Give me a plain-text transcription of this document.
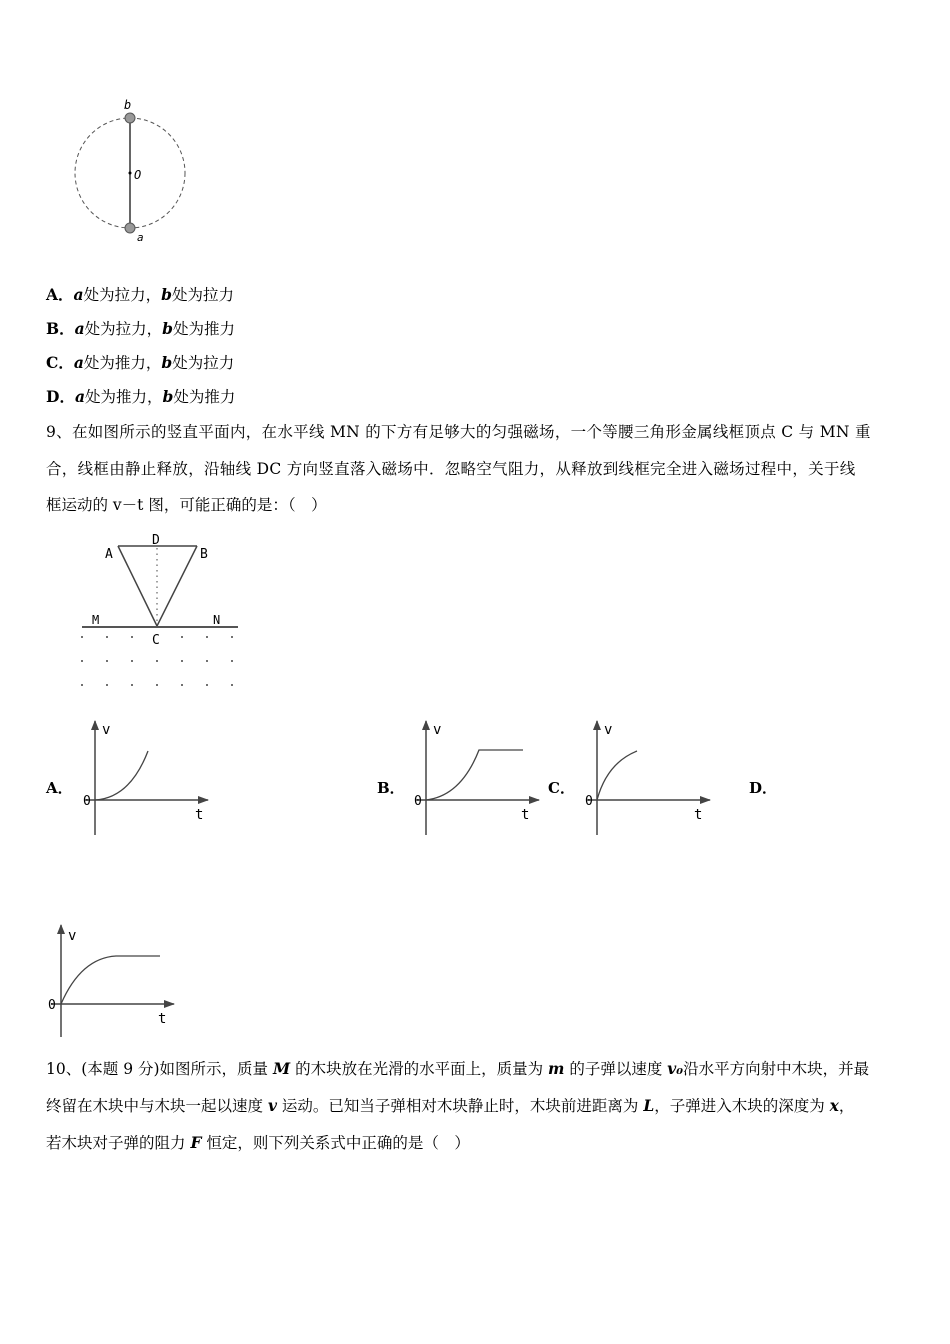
b
O
a
A．a处为拉力，b处为拉力
B．a处为拉力，b处为推力
C．a处为推力，b处为拉力
D．a处为推力，b处为推力
9、在如图所示的竖直平面内，在水平线 MN 的下方有足够大的匀强磁场，一个等腰三角形金属线框顶点 C 与 MN 重
合，线框由静止释放，沿轴线 DC 方向竖直落入磁场中．忽略空气阻力，从释放到线框完全进入磁场过程中，关于线
框运动的 v－t 图，可能正确的是：（　）
D
A	B
M	N
C
A．	B．	C．	D．
v
0
t
v
0
t
v
0
t
v
0
t
10、(本题 9 分)如图所示，质量 M 的木块放在光滑的水平面上，质量为 m 的子弹以速度 v₀沿水平方向射中木块，并最
终留在木块中与木块一起以速度 v 运动。已知当子弹相对木块静止时，木块前进距离为 L，子弹进入木块的深度为 x，
若木块对子弹的阻力 F 恒定，则下列关系式中正确的是（　）
